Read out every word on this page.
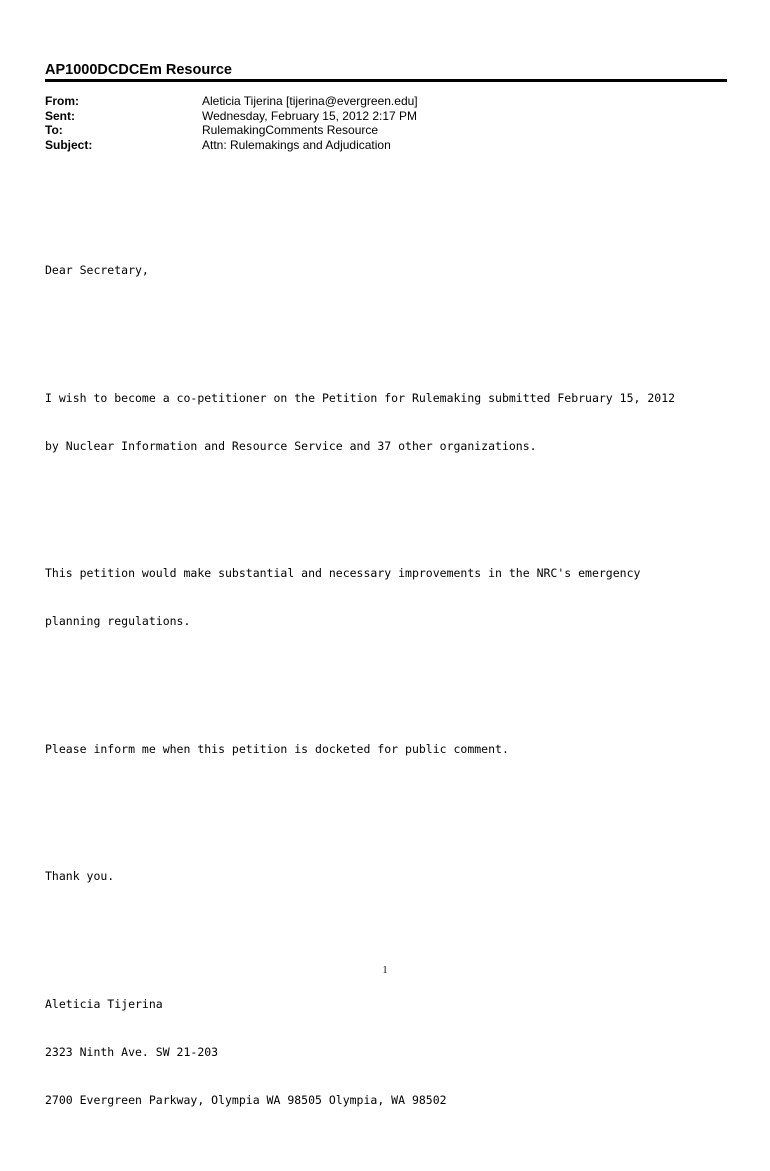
AP1000DCDCEm Resource
From:	Aleticia Tijerina [tijerina@evergreen.edu]
Sent:	Wednesday, February 15, 2012 2:17 PM
To:	RulemakingComments Resource
Subject:	Attn: Rulemakings and Adjudication

Dear Secretary,

I wish to become a co-petitioner on the Petition for Rulemaking submitted February 15, 2012

by Nuclear Information and Resource Service and 37 other organizations.

This petition would make substantial and necessary improvements in the NRC's emergency

planning regulations.

Please inform me when this petition is docketed for public comment.

Thank you.

Aleticia Tijerina

2323 Ninth Ave. SW 21-203

2700 Evergreen Parkway, Olympia WA 98505 Olympia, WA 98502

1
